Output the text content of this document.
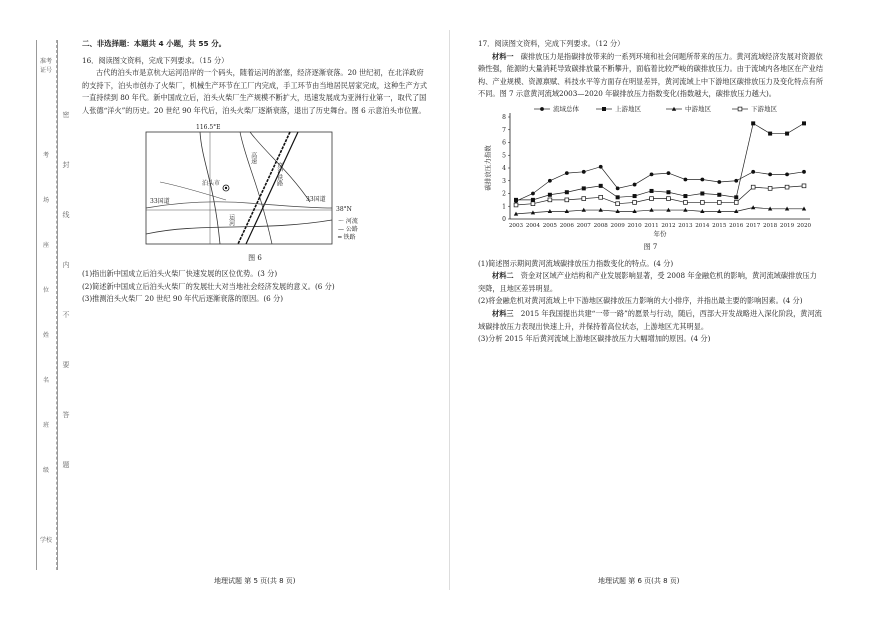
准考证号
考
场
座
位
姓
名
班
级
学校
密
封
线
内
不
要
答
题

二、非选择题：本题共 4 小题，共 55 分。

16．阅读图文资料，完成下列要求。（15 分）

古代的泊头市是京杭大运河沿岸的一个码头，随着运河的淤塞，经济逐渐衰落。20 世纪初，在北洋政府的支持下，泊头市创办了火柴厂，机械生产环节在工厂内完成，手工环节由当地居民居家完成，这种生产方式一直持续到 80 年代。新中国成立后，泊头火柴厂生产规模不断扩大，迅速发展成为亚洲行业第一，取代了国人张德“洋火”的历史。20 世纪 90 年代后，泊头火柴厂逐渐衰落，退出了历史舞台。图 6 示意泊头市位置。

116.5°E
38°N
33国道	33国道
泊头市
运河
京沪铁路
高速
〜 河流
— 公路
━ 铁路
图 6

(1)指出新中国成立后泊头火柴厂快速发展的区位优势。(3 分)

(2)简述新中国成立后泊头火柴厂的发展壮大对当地社会经济发展的意义。(6 分)

(3)推测泊头火柴厂 20 世纪 90 年代后逐渐衰落的原因。(6 分)

地理试题 第 5 页(共 8 页)

17．阅读图文资料，完成下列要求。（12 分）

材料一　 碳排放压力是指碳排放带来的一系列环境和社会问题所带来的压力。黄河流域经济发展对资源依赖性强，能源的大量消耗导致碳排放量不断攀升，面临着比较严峻的碳排放压力。由于流域内各地区在产业结构、产业规模、资源禀赋、科技水平等方面存在明显差异，黄河流域上中下游地区碳排放压力及变化特点有所不同。图 7 示意黄河流域2003—2020 年碳排放压力指数变化(指数越大，碳排放压力越大)。

0
1
2
3
4
5
6
7
8
2003 2004 2005 2006 2007 2008 2009 2010 2011 2012 2013 2014 2015 2016 2017 2018 2019 2020
年份
碳排放压力指数
流域总体	上游地区	中游地区	下游地区
图 7

(1)简述图示期间黄河流域碳排放压力指数变化的特点。(4 分)

材料二　 资金对区域产业结构和产业发展影响显著，受 2008 年金融危机的影响，黄河流域碳排放压力突降，且地区差异明显。

(2)将金融危机对黄河流域上中下游地区碳排放压力影响的大小排序，并指出最主要的影响因素。(4 分)

材料三　 2015 年我国提出共建“一带一路”的愿景与行动，随后，西部大开发战略进入深化阶段，黄河流域碳排放压力表现出快速上升，并保持着高位状态，上游地区尤其明显。

(3)分析 2015 年后黄河流域上游地区碳排放压力大幅增加的原因。(4 分)

地理试题 第 6 页(共 8 页)
